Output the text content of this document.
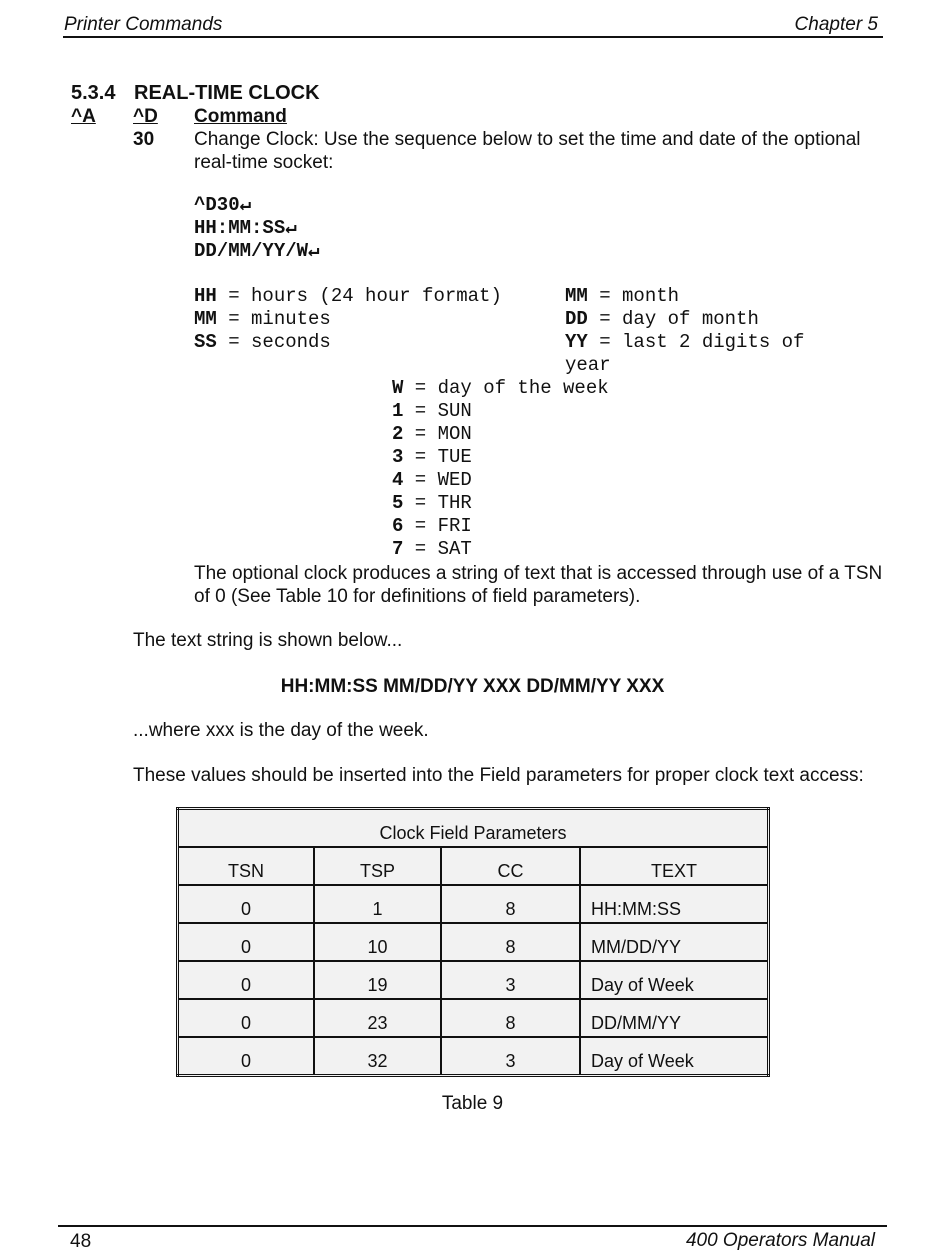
Printer Commands	Chapter 5
5.3.4 REAL-TIME CLOCK
^A ^D Command
30 Change Clock: Use the sequence below to set the time and date of the optional
real-time socket:
^D30↵
HH:MM:SS↵
DD/MM/YY/W↵
HH = hours (24 hour format)
MM = minutes
SS = seconds
MM = month
DD = day of month
YY = last 2 digits of
year
W = day of the week
1 = SUN
2 = MON
3 = TUE
4 = WED
5 = THR
6 = FRI
7 = SAT
The optional clock produces a string of text that is accessed through use of a TSN
of 0 (See Table 10 for definitions of field parameters).
The text string is shown below...
HH:MM:SS MM/DD/YY XXX DD/MM/YY XXX
...where xxx is the day of the week.
These values should be inserted into the Field parameters for proper clock text access:
Clock Field Parameters			
TSN	TSP	CC	TEXT
0	1	8	HH:MM:SS
0	10	8	MM/DD/YY
0	19	3	Day of Week
0	23	8	DD/MM/YY
0	32	3	Day of Week
Table 9
48	400 Operators Manual
